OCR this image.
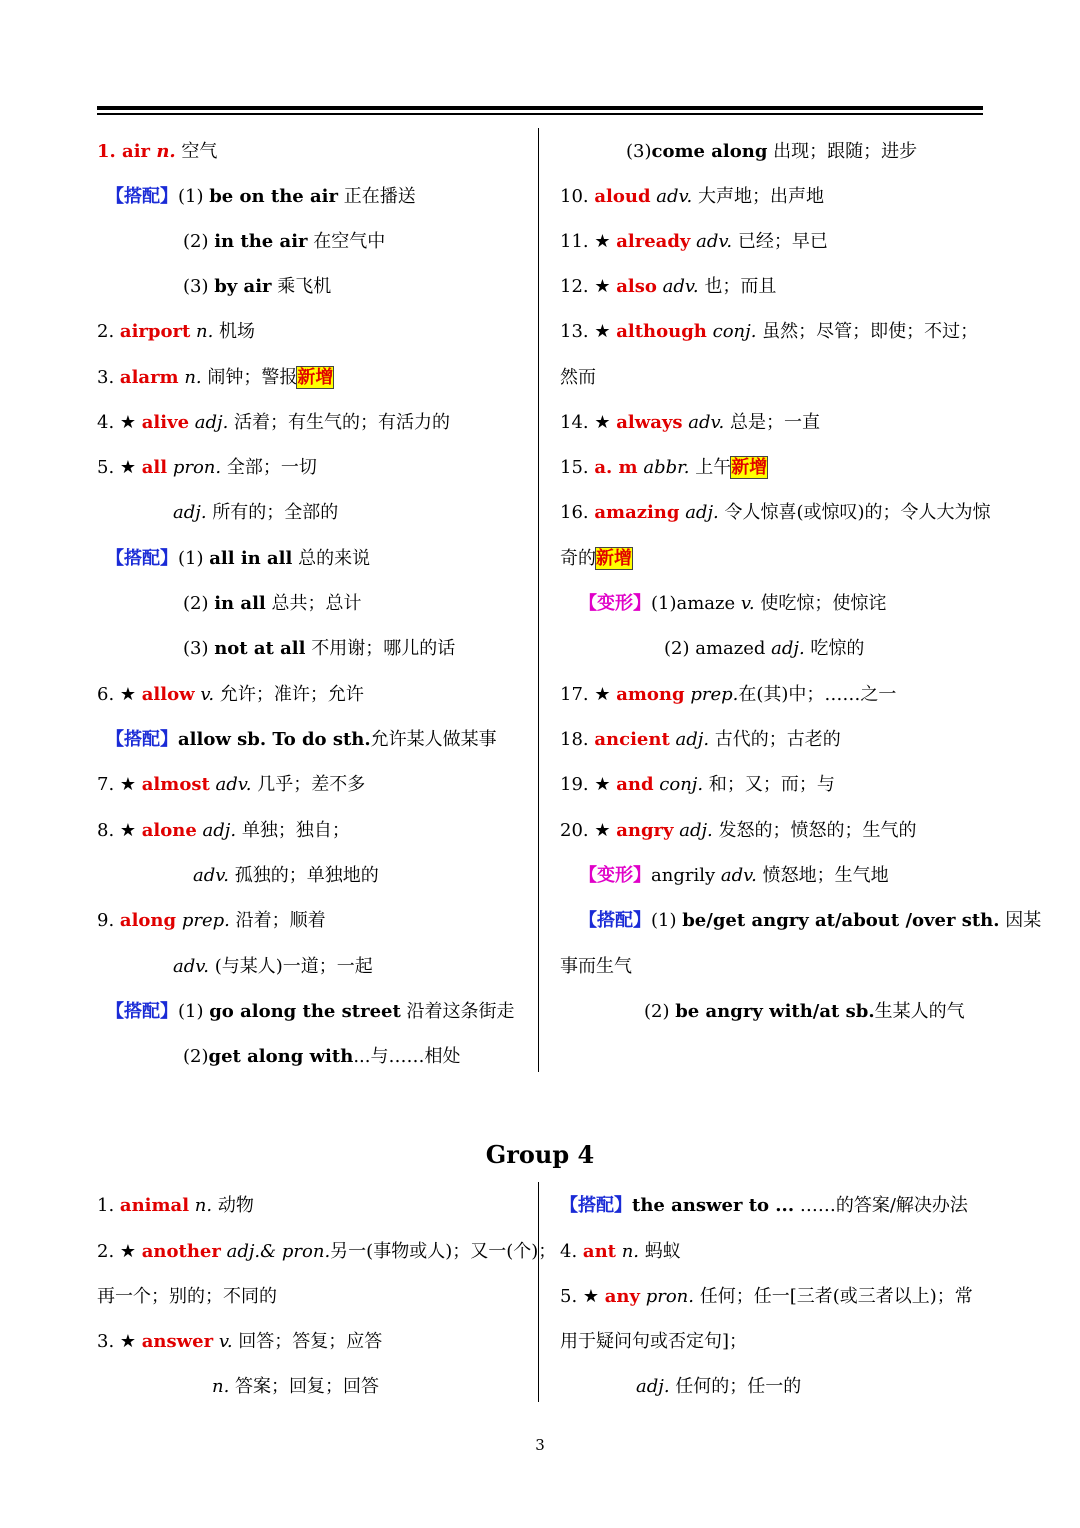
1. air n. 空气
【搭配】(1) be on the air 正在播送
(2) in the air 在空气中
(3) by air 乘飞机
2. airport n. 机场
3. alarm n. 闹钟；警报新增
4. ★ alive adj. 活着；有生气的；有活力的
5. ★ all pron. 全部；一切
adj. 所有的；全部的
【搭配】(1) all in all 总的来说
(2) in all 总共；总计
(3) not at all 不用谢；哪儿的话
6. ★ allow v. 允许；准许；允许
【搭配】allow sb. To do sth.允许某人做某事
7. ★ almost adv. 几乎；差不多
8. ★ alone adj. 单独；独自；
adv. 孤独的；单独地的
9. along prep. 沿着；顺着
adv. (与某人)一道；一起
【搭配】(1) go along the street 沿着这条街走
(2)get along with...与……相处
(3)come along 出现；跟随；进步
10. aloud adv. 大声地；出声地
11. ★ already adv. 已经；早已
12. ★ also adv. 也；而且
13. ★ although conj. 虽然；尽管；即使；不过；
然而
14. ★ always adv. 总是；一直
15. a. m abbr. 上午新增
16. amazing adj. 令人惊喜(或惊叹)的；令人大为惊
奇的新增
【变形】(1)amaze v. 使吃惊；使惊诧
(2) amazed adj. 吃惊的
17. ★ among prep.在(其)中；……之一
18. ancient adj. 古代的；古老的
19. ★ and conj. 和；又；而；与
20. ★ angry adj. 发怒的；愤怒的；生气的
【变形】angrily adv. 愤怒地；生气地
【搭配】(1) be/get angry at/about /over sth. 因某
事而生气
(2) be angry with/at sb.生某人的气
Group 4
1. animal n. 动物
2. ★ another adj.& pron.另一(事物或人)；又一(个)；
再一个；别的；不同的
3. ★ answer v. 回答；答复；应答
n. 答案；回复；回答
【搭配】the answer to ... ……的答案/解决办法
4. ant n. 蚂蚁
5. ★ any pron. 任何；任一[三者(或三者以上)；常
用于疑问句或否定句]；
adj. 任何的；任一的
3
